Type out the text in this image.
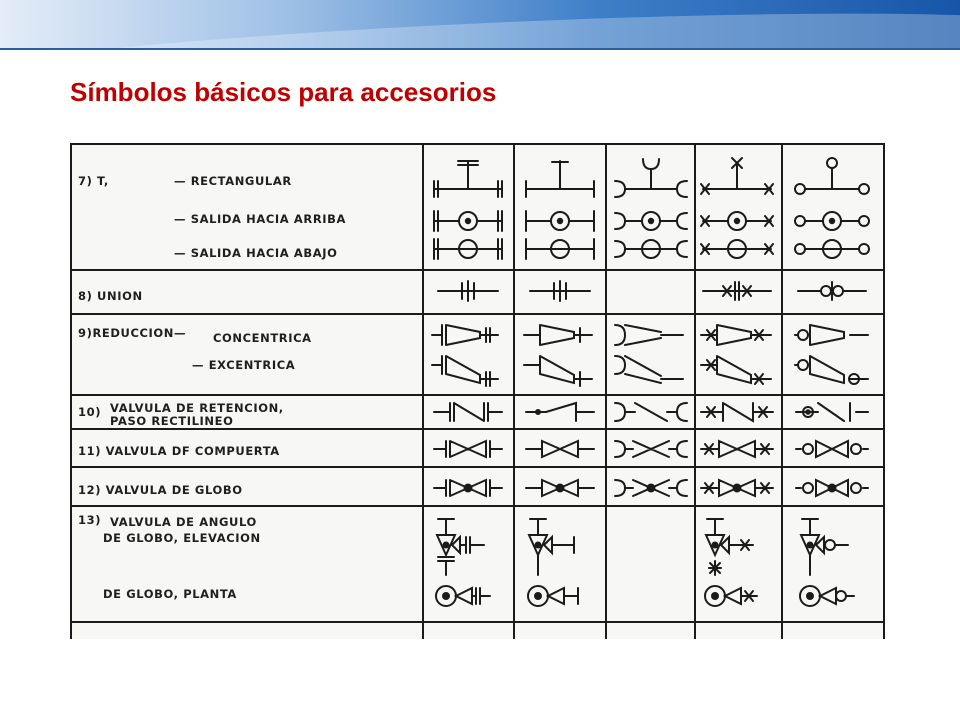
Símbolos básicos para accesorios
7) T,	— RECTANGULAR
— SALIDA HACIA ARRIBA
— SALIDA HACIA ABAJO
8) UNION
9)REDUCCION— CONCENTRICA
— EXCENTRICA
10) VALVULA DE RETENCION,
PASO RECTILINEO
11) VALVULA DF COMPUERTA
12) VALVULA DE GLOBO
13) VALVULA DE ANGULO
DE GLOBO, ELEVACION
DE GLOBO, PLANTA
